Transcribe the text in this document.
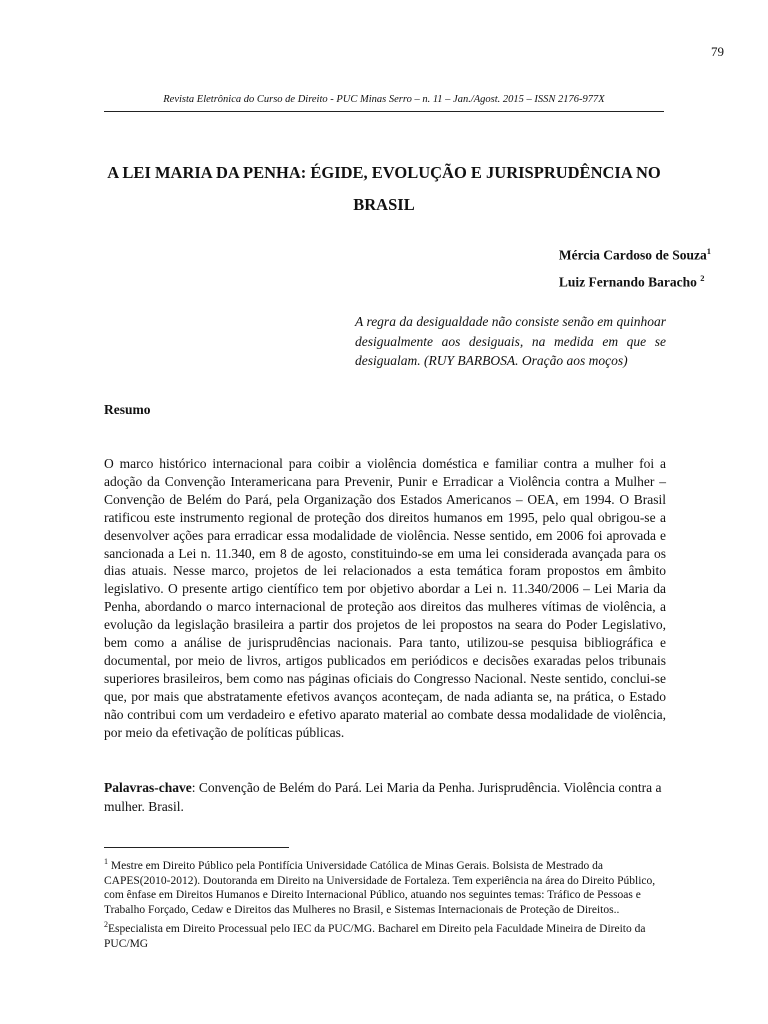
79
Revista Eletrônica do Curso de Direito - PUC Minas Serro – n. 11 – Jan./Agost. 2015 – ISSN 2176-977X
A LEI MARIA DA PENHA: ÉGIDE, EVOLUÇÃO E JURISPRUDÊNCIA NO BRASIL
Mércia Cardoso de Souza$^1$
Luiz Fernando Baracho $^2$
A regra da desigualdade não consiste senão em quinhoar desigualmente aos desiguais, na medida em que se desigualam. (RUY BARBOSA. Oração aos moços)
Resumo

O marco histórico internacional para coibir a violência doméstica e familiar contra a mulher foi a adoção da Convenção Interamericana para Prevenir, Punir e Erradicar a Violência contra a Mulher – Convenção de Belém do Pará, pela Organização dos Estados Americanos – OEA, em 1994. O Brasil ratificou este instrumento regional de proteção dos direitos humanos em 1995, pelo qual obrigou-se a desenvolver ações para erradicar essa modalidade de violência. Nesse sentido, em 2006 foi aprovada e sancionada a Lei n. 11.340, em 8 de agosto, constituindo-se em uma lei considerada avançada para os dias atuais. Nesse marco, projetos de lei relacionados a esta temática foram propostos em âmbito legislativo. O presente artigo científico tem por objetivo abordar a Lei n. 11.340/2006 – Lei Maria da Penha, abordando o marco internacional de proteção aos direitos das mulheres vítimas de violência, a evolução da legislação brasileira a partir dos projetos de lei propostos na seara do Poder Legislativo, bem como a análise de jurisprudências nacionais. Para tanto, utilizou-se pesquisa bibliográfica e documental, por meio de livros, artigos publicados em periódicos e decisões exaradas pelos tribunais superiores brasileiros, bem como nas páginas oficiais do Congresso Nacional. Neste sentido, conclui-se que, por mais que abstratamente efetivos avanços aconteçam, de nada adianta se, na prática, o Estado não contribui com um verdadeiro e efetivo aparato material ao combate dessa modalidade de violência, por meio da efetivação de políticas públicas.

Palavras-chave: Convenção de Belém do Pará. Lei Maria da Penha. Jurisprudência. Violência contra a mulher. Brasil.

$^1$ Mestre em Direito Público pela Pontifícia Universidade Católica de Minas Gerais. Bolsista de Mestrado da CAPES(2010-2012). Doutoranda em Direito na Universidade de Fortaleza. Tem experiência na área do Direito Público, com ênfase em Direitos Humanos e Direito Internacional Público, atuando nos seguintes temas: Tráfico de Pessoas e Trabalho Forçado, Cedaw e Direitos das Mulheres no Brasil, e Sistemas Internacionais de Proteção de Direitos..

$^2$Especialista em Direito Processual pelo IEC da PUC/MG. Bacharel em Direito pela Faculdade Mineira de Direito da PUC/MG
